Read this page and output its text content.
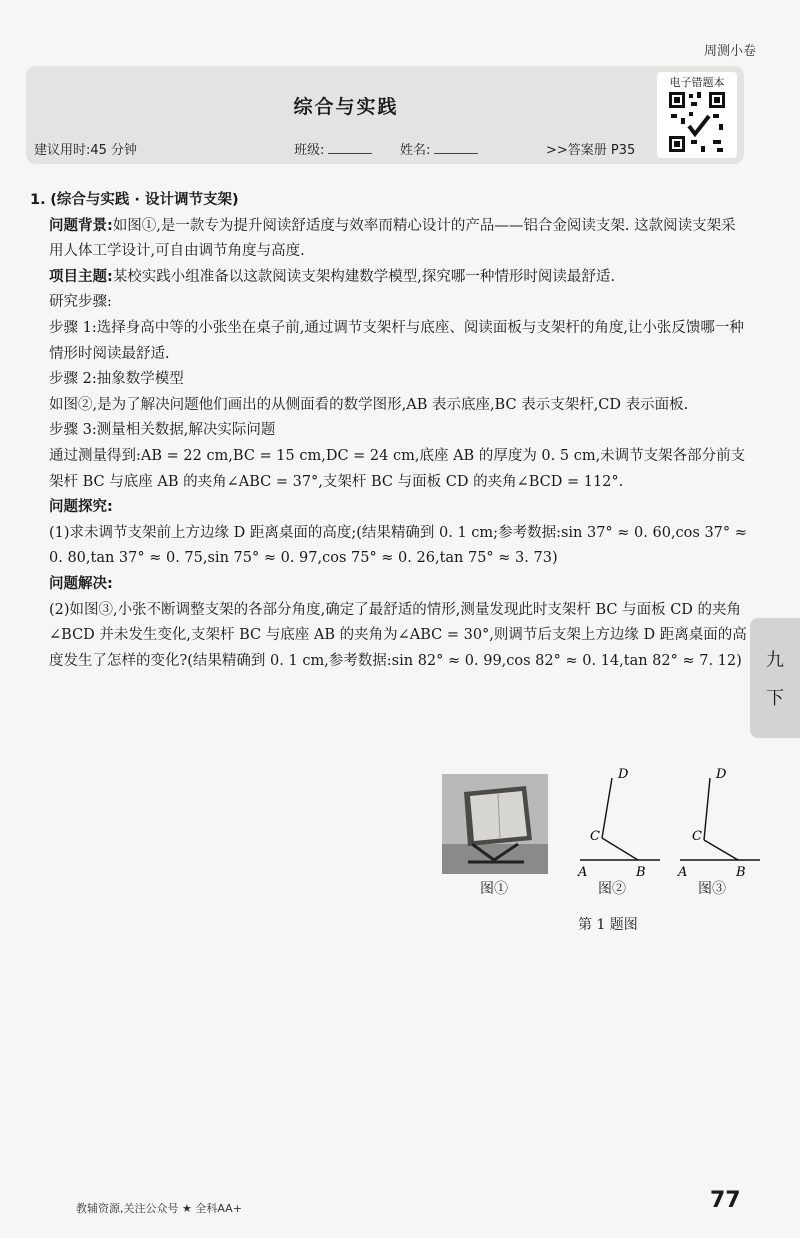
周测小卷
综合与实践
建议用时:45 分钟	班级:	姓名:	>>答案册 P35
电子错题本

1. (综合与实践 · 设计调节支架)

问题背景:如图①,是一款专为提升阅读舒适度与效率而精心设计的产品——铝合金阅读支架. 这款阅读支架采用人体工学设计,可自由调节角度与高度.

项目主题:某校实践小组准备以这款阅读支架构建数学模型,探究哪一种情形时阅读最舒适.

研究步骤:

步骤 1:选择身高中等的小张坐在桌子前,通过调节支架杆与底座、阅读面板与支架杆的角度,让小张反馈哪一种情形时阅读最舒适.

步骤 2:抽象数学模型

如图②,是为了解决问题他们画出的从侧面看的数学图形,AB 表示底座,BC 表示支架杆,CD 表示面板.

步骤 3:测量相关数据,解决实际问题

通过测量得到:AB = 22 cm,BC = 15 cm,DC = 24 cm,底座 AB 的厚度为 0. 5 cm,未调节支架各部分前支架杆 BC 与底座 AB 的夹角∠ABC = 37°,支架杆 BC 与面板 CD 的夹角∠BCD = 112°.

问题探究:

(1)求未调节支架前上方边缘 D 距离桌面的高度;(结果精确到 0. 1 cm;参考数据:sin 37° ≈ 0. 60,cos 37° ≈ 0. 80,tan 37° ≈ 0. 75,sin 75° ≈ 0. 97,cos 75° ≈ 0. 26,tan 75° ≈ 3. 73)

问题解决:

(2)如图③,小张不断调整支架的各部分角度,确定了最舒适的情形,测量发现此时支架杆 BC 与面板 CD 的夹角∠BCD 并未发生变化,支架杆 BC 与底座 AB 的夹角为∠ABC = 30°,则调节后支架上方边缘 D 距离桌面的高度发生了怎样的变化?(结果精确到 0. 1 cm,参考数据:sin 82° ≈ 0. 99,cos 82° ≈ 0. 14,tan 82° ≈ 7. 12)

图①
D
C
A	B
图②
D
C
A	B
图③
第 1 题图
九
下
教辅资源,关注公众号 ★ 全科AA+	77
